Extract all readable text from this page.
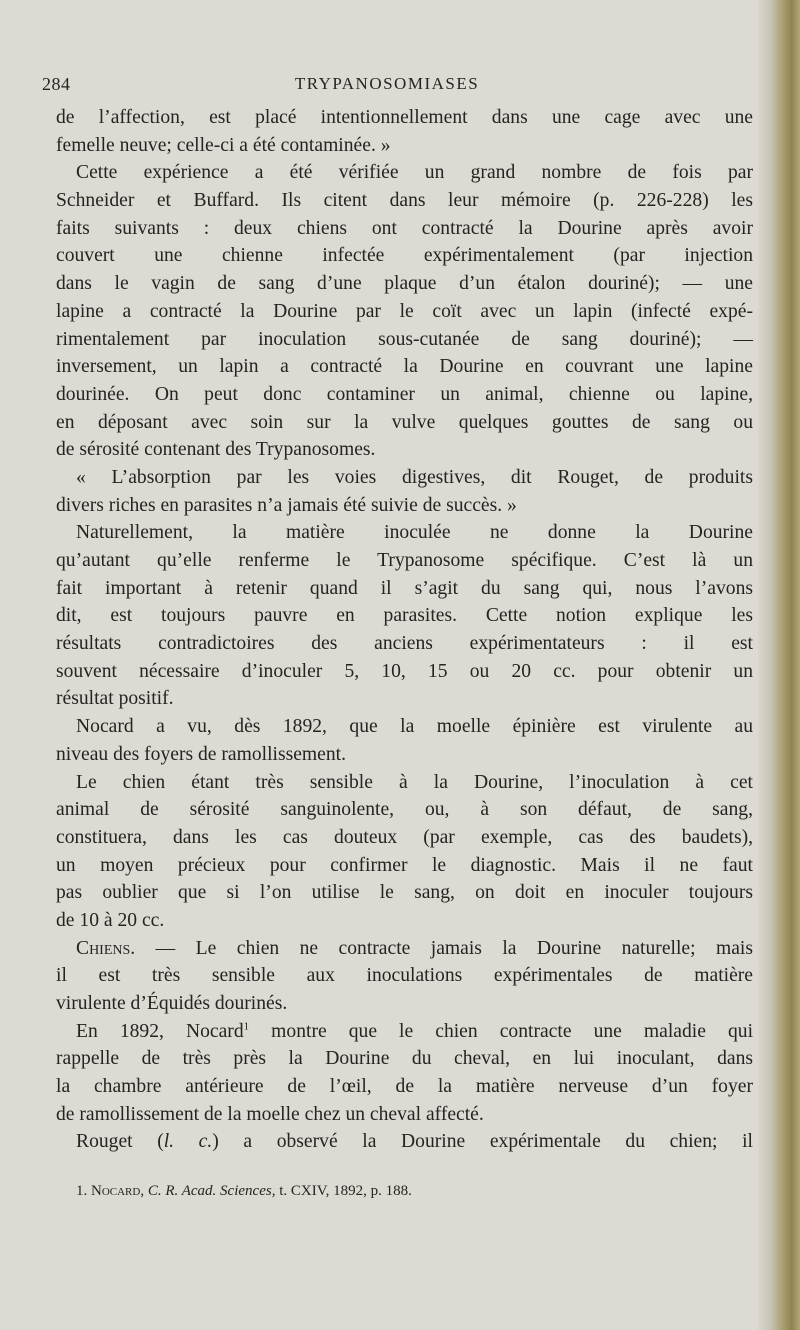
284	TRYPANOSOMIASES
de l’affection, est placé intentionnellement dans une cage avec une
femelle neuve; celle-ci a été contaminée. »
Cette expérience a été vérifiée un grand nombre de fois par
Schneider et Buffard. Ils citent dans leur mémoire (p. 226-228) les
faits suivants : deux chiens ont contracté la Dourine après avoir
couvert une chienne infectée expérimentalement (par injection
dans le vagin de sang d’une plaque d’un étalon douriné); — une
lapine a contracté la Dourine par le coït avec un lapin (infecté expé-
rimentalement par inoculation sous-cutanée de sang douriné); —
inversement, un lapin a contracté la Dourine en couvrant une lapine
dourinée. On peut donc contaminer un animal, chienne ou lapine,
en déposant avec soin sur la vulve quelques gouttes de sang ou
de sérosité contenant des Trypanosomes.
« L’absorption par les voies digestives, dit Rouget, de produits
divers riches en parasites n’a jamais été suivie de succès. »
Naturellement, la matière inoculée ne donne la Dourine
qu’autant qu’elle renferme le Trypanosome spécifique. C’est là un
fait important à retenir quand il s’agit du sang qui, nous l’avons
dit, est toujours pauvre en parasites. Cette notion explique les
résultats contradictoires des anciens expérimentateurs : il est
souvent nécessaire d’inoculer 5, 10, 15 ou 20 cc. pour obtenir un
résultat positif.
Nocard a vu, dès 1892, que la moelle épinière est virulente au
niveau des foyers de ramollissement.
Le chien étant très sensible à la Dourine, l’inoculation à cet
animal de sérosité sanguinolente, ou, à son défaut, de sang,
constituera, dans les cas douteux (par exemple, cas des baudets),
un moyen précieux pour confirmer le diagnostic. Mais il ne faut
pas oublier que si l’on utilise le sang, on doit en inoculer toujours
de 10 à 20 cc.
Chiens. — Le chien ne contracte jamais la Dourine naturelle; mais
il est très sensible aux inoculations expérimentales de matière
virulente d’Équidés dourinés.
En 1892, Nocard$^1$ montre que le chien contracte une maladie qui
rappelle de très près la Dourine du cheval, en lui inoculant, dans
la chambre antérieure de l’œil, de la matière nerveuse d’un foyer
de ramollissement de la moelle chez un cheval affecté.
Rouget (l. c.) a observé la Dourine expérimentale du chien; il
1. Nocard, C. R. Acad. Sciences, t. CXIV, 1892, p. 188.
